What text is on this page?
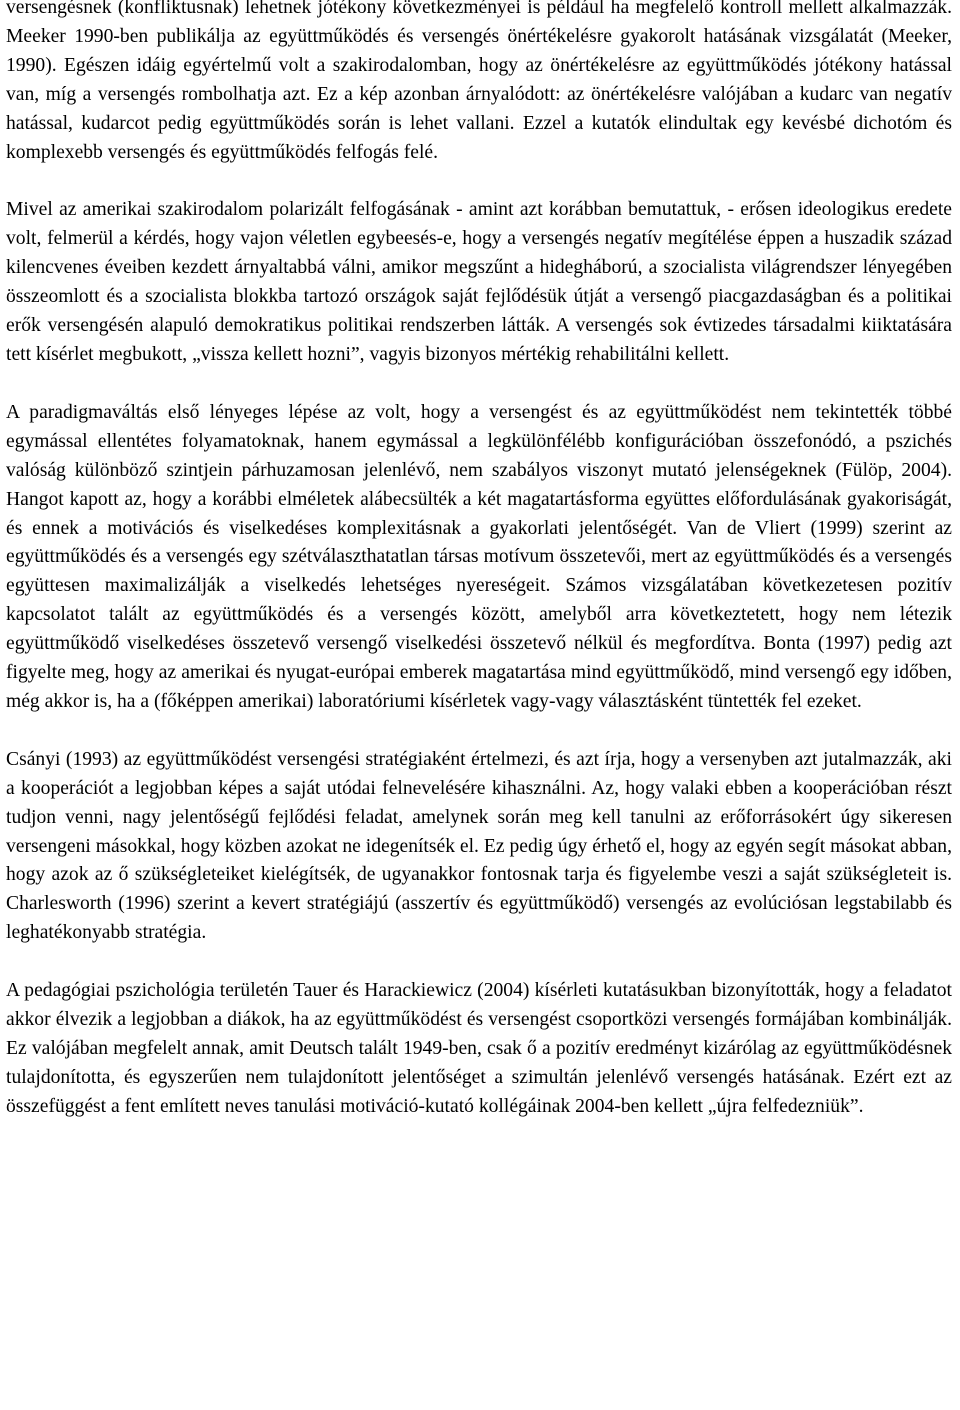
versengésnek (konfliktusnak) lehetnek jótékony következményei is például ha megfelelő kontroll mellett alkalmazzák. Meeker 1990-ben publikálja az együttműködés és versengés önértékelésre gyakorolt hatásának vizsgálatát (Meeker, 1990). Egészen idáig egyértelmű volt a szakirodalomban, hogy az önértékelésre az együttműködés jótékony hatással van, míg a versengés rombolhatja azt. Ez a kép azonban árnyalódott: az önértékelésre valójában a kudarc van negatív hatással, kudarcot pedig együttműködés során is lehet vallani. Ezzel a kutatók elindultak egy kevésbé dichotóm és komplexebb versengés és együttműködés felfogás felé.

Mivel az amerikai szakirodalom polarizált felfogásának - amint azt korábban bemutattuk, - erősen ideologikus eredete volt, felmerül a kérdés, hogy vajon véletlen egybeesés-e, hogy a versengés negatív megítélése éppen a huszadik század kilencvenes éveiben kezdett árnyaltabbá válni, amikor megszűnt a hidegháború, a szocialista világrendszer lényegében összeomlott és a szocialista blokkba tartozó országok saját fejlődésük útját a versengő piacgazdaságban és a politikai erők versengésén alapuló demokratikus politikai rendszerben látták. A versengés sok évtizedes társadalmi kiiktatására tett kísérlet megbukott, „vissza kellett hozni”, vagyis bizonyos mértékig rehabilitálni kellett.

A paradigmaváltás első lényeges lépése az volt, hogy a versengést és az együttműködést nem tekintették többé egymással ellentétes folyamatoknak, hanem egymással a legkülönfélébb konfigurációban összefonódó, a pszichés valóság különböző szintjein párhuzamosan jelenlévő, nem szabályos viszonyt mutató jelenségeknek (Fülöp, 2004). Hangot kapott az, hogy a korábbi elméletek alábecsülték a két magatartásforma együttes előfordulásának gyakoriságát, és ennek a motivációs és viselkedéses komplexitásnak a gyakorlati jelentőségét. Van de Vliert (1999) szerint az együttműködés és a versengés egy szétválaszthatatlan társas motívum összetevői, mert az együttműködés és a versengés együttesen maximalizálják a viselkedés lehetséges nyereségeit. Számos vizsgálatában következetesen pozitív kapcsolatot talált az együttműködés és a versengés között, amelyből arra következtetett, hogy nem létezik együttműködő viselkedéses összetevő versengő viselkedési összetevő nélkül és megfordítva. Bonta (1997) pedig azt figyelte meg, hogy az amerikai és nyugat-európai emberek magatartása mind együttműködő, mind versengő egy időben, még akkor is, ha a (főképpen amerikai) laboratóriumi kísérletek vagy-vagy választásként tüntették fel ezeket.

Csányi (1993) az együttműködést versengési stratégiaként értelmezi, és azt írja, hogy a versenyben azt jutalmazzák, aki a kooperációt a legjobban képes a saját utódai felnevelésére kihasználni. Az, hogy valaki ebben a kooperációban részt tudjon venni, nagy jelentőségű fejlődési feladat, amelynek során meg kell tanulni az erőforrásokért úgy sikeresen versengeni másokkal, hogy közben azokat ne idegenítsék el. Ez pedig úgy érhető el, hogy az egyén segít másokat abban, hogy azok az ő szükségleteiket kielégítsék, de ugyanakkor fontosnak tarja és figyelembe veszi a saját szükségleteit is. Charlesworth (1996) szerint a kevert stratégiájú (asszertív és együttműködő) versengés az evolúciósan legstabilabb és leghatékonyabb stratégia.

A pedagógiai pszichológia területén Tauer és Harackiewicz (2004) kísérleti kutatásukban bizonyították, hogy a feladatot akkor élvezik a legjobban a diákok, ha az együttműködést és versengést csoportközi versengés formájában kombinálják. Ez valójában megfelelt annak, amit Deutsch talált 1949-ben, csak ő a pozitív eredményt kizárólag az együttműködésnek tulajdonította, és egyszerűen nem tulajdonított jelentőséget a szimultán jelenlévő versengés hatásának. Ezért ezt az összefüggést a fent említett neves tanulási motiváció-kutató kollégáinak 2004-ben kellett „újra felfedezniük”.
